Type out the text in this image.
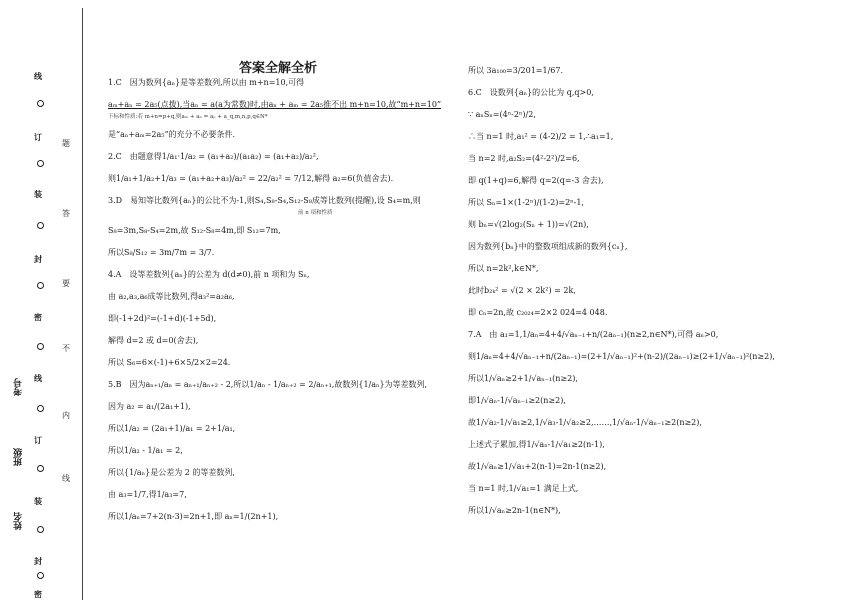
线
订
装
封
密
线
订
装
封
密
题
答
要
不
内
线
考号
班级
姓名
答案全解全析
1.C　因为数列{aₙ}是等差数列,所以由 m+n=10,可得
aₘ+aₙ = 2a₅(点拨),当aₙ = a(a为常数)时,由aₙ + aₘ = 2a₅推不出 m+n=10,故“m+n=10”
下标和性质:若 m+n=p+q,则aₘ + aₙ = aₚ + a_q,m,n,p,q∈N*
是“aₙ+aₘ=2a₅”的充分不必要条件.
2.C　由题意得1/a₁·1/a₂ = (a₁+a₂)/(a₁a₂) = (a₁+a₂)/a₂²,
则1/a₁+1/a₂+1/a₃ = (a₁+a₂+a₃)/a₂² = 22/a₂² = 7/12,解得 a₂=6(负值舍去).
3.D　易知等比数列{aₙ}的公比不为-1,则S₄,S₈-S₄,S₁₂-S₈成等比数列(提醒),设 S₄=m,则
前 n 项和性质
S₈=3m,S₈-S₄=2m,故 S₁₂-S₈=4m,即 S₁₂=7m,
所以S₈/S₁₂ = 3m/7m = 3/7.
4.A　设等差数列{aₙ}的公差为 d(d≠0),前 n 项和为 Sₙ,
由 a₂,a₃,a₆成等比数列,得a₃²=a₂a₆,
即(-1+2d)²=(-1+d)(-1+5d),
解得 d=2 或 d=0(舍去),
所以 S₆=6×(-1)+6×5/2×2=24.
5.B　因为aₙ₊₁/aₙ = aₙ₊₁/aₙ₊₂ - 2,所以1/aₙ - 1/aₙ₊₂ = 2/aₙ₊₁,故数列{1/aₙ}为等差数列,
因为 a₂ = a₁/(2a₁+1),
所以1/a₂ = (2a₁+1)/a₁ = 2+1/a₁,
所以1/a₂ - 1/a₁ = 2,
所以{1/aₙ}是公差为 2 的等差数列,
由 a₃=1/7,得1/a₃=7,
所以1/aₙ=7+2(n-3)=2n+1,即 aₙ=1/(2n+1),
所以 3a₁₀₀=3/201=1/67.
6.C　设数列{aₙ}的公比为 q,q>0,
∵ aₙSₙ=(4ⁿ-2ⁿ)/2,
∴当 n=1 时,a₁² = (4-2)/2 = 1,∴a₁=1,
当 n=2 时,a₂S₂=(4²-2²)/2=6,
即 q(1+q)=6,解得 q=2(q=-3 舍去),
所以 Sₙ=1×(1-2ⁿ)/(1-2)=2ⁿ-1,
则 bₙ=√(2log₂(Sₙ + 1))=√(2n),
因为数列{bₙ}中的整数项组成新的数列{cₙ},
所以 n=2k²,k∈N*,
此时b₂ₖ² = √(2 × 2k²) = 2k,
即 cₙ=2n,故 c₂₀₂₄=2×2 024=4 048.
7.A　由 a₁=1,1/aₙ=4+4/√aₙ₋₁+n/(2aₙ₋₁)(n≥2,n∈N*),可得 aₙ>0,
则1/aₙ=4+4/√aₙ₋₁+n/(2aₙ₋₁)=(2+1/√aₙ₋₁)²+(n-2)/(2aₙ₋₁)≥(2+1/√aₙ₋₁)²(n≥2),
所以1/√aₙ≥2+1/√aₙ₋₁(n≥2),
即1/√aₙ-1/√aₙ₋₁≥2(n≥2),
故1/√a₂-1/√a₁≥2,1/√a₃-1/√a₂≥2,……,1/√aₙ-1/√aₙ₋₁≥2(n≥2),
上述式子累加,得1/√aₙ-1/√a₁≥2(n-1),
故1/√aₙ≥1/√a₁+2(n-1)=2n-1(n≥2),
当 n=1 时,1/√a₁=1 满足上式,
所以1/√aₙ≥2n-1(n∈N*),
